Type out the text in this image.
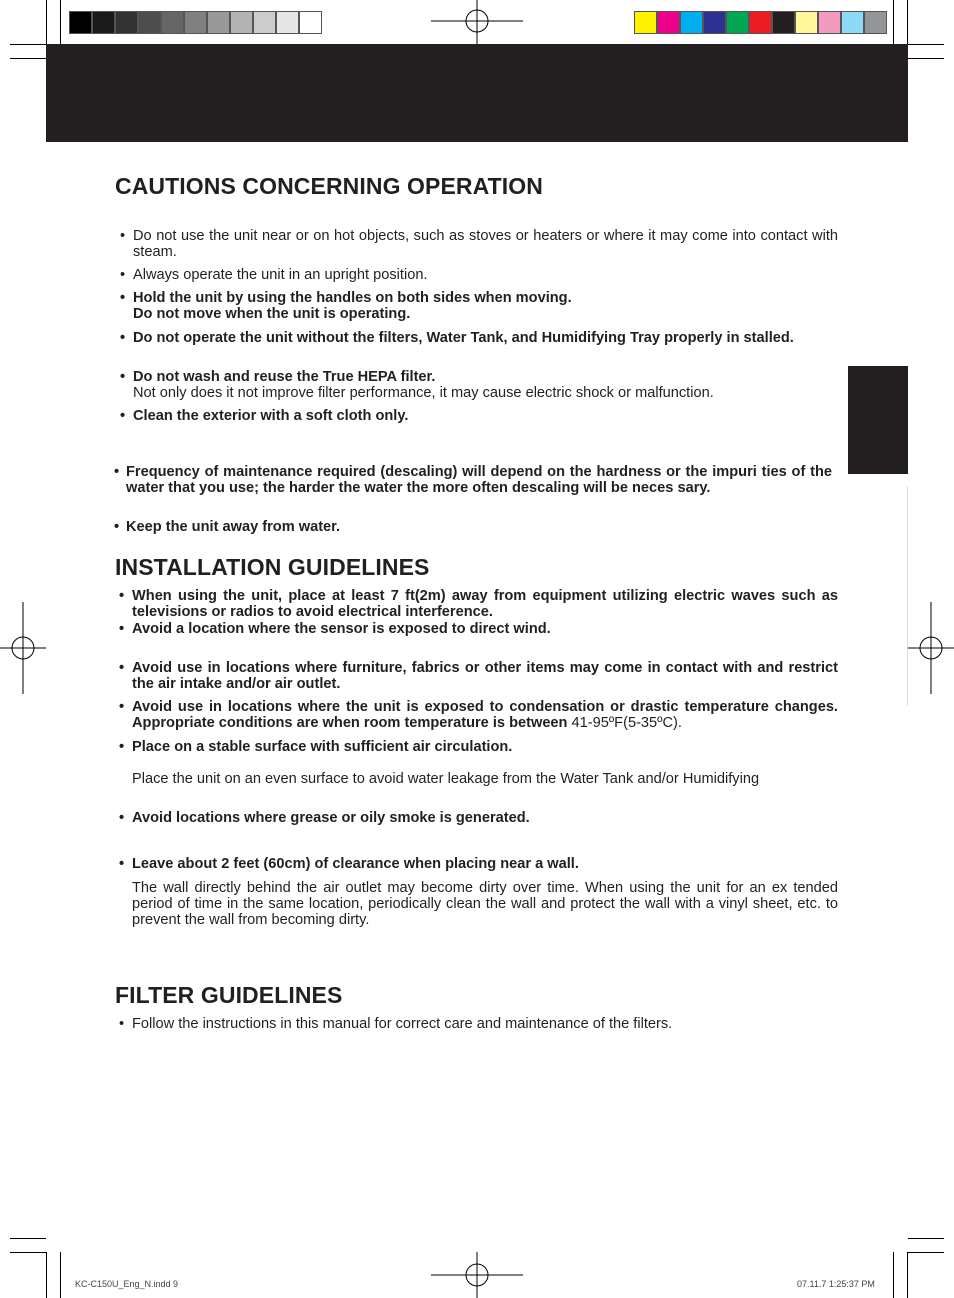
CAUTIONS CONCERNING OPERATION
• Do not use the unit near or on hot objects, such as stoves or heaters or where it may come into contact with steam.
• Always operate the unit in an upright position.
• Hold the unit by using the handles on both sides when moving.
Do not move when the unit is operating.
• Do not operate the unit without the filters, Water Tank, and Humidifying Tray properly in stalled.
• Do not wash and reuse the True HEPA filter.
Not only does it not improve filter performance, it may cause electric shock or malfunction.
• Clean the exterior with a soft cloth only.
• Frequency of maintenance required (descaling) will depend on the hardness or the impuri ties of the water that you use; the harder the water the more often descaling will be neces sary.
• Keep the unit away from water.
INSTALLATION GUIDELINES
• When using the unit, place at least 7 ft(2m) away from equipment utilizing electric waves such as televisions or radios to avoid electrical interference.
• Avoid a location where the sensor is exposed to direct wind.
• Avoid use in locations where furniture, fabrics or other items may come in contact with and restrict the air intake and/or air outlet.
• Avoid use in locations where the unit is exposed to condensation or drastic temperature changes. Appropriate conditions are when room temperature is between 41-95ºF(5-35ºC).
• Place on a stable surface with sufficient air circulation.
Place the unit on an even surface to avoid water leakage from the Water Tank and/or Humidifying
• Avoid locations where grease or oily smoke is generated.
• Leave about 2 feet (60cm) of clearance when placing near a wall.
The wall directly behind the air outlet may become dirty over time. When using the unit for an ex tended period of time in the same location, periodically clean the wall and protect the wall with a vinyl sheet, etc. to prevent the wall from becoming dirty.
FILTER GUIDELINES
• Follow the instructions in this manual for correct care and maintenance of the filters.
KC-C150U_Eng_N.indd 9	07.11.7 1:25:37 PM
